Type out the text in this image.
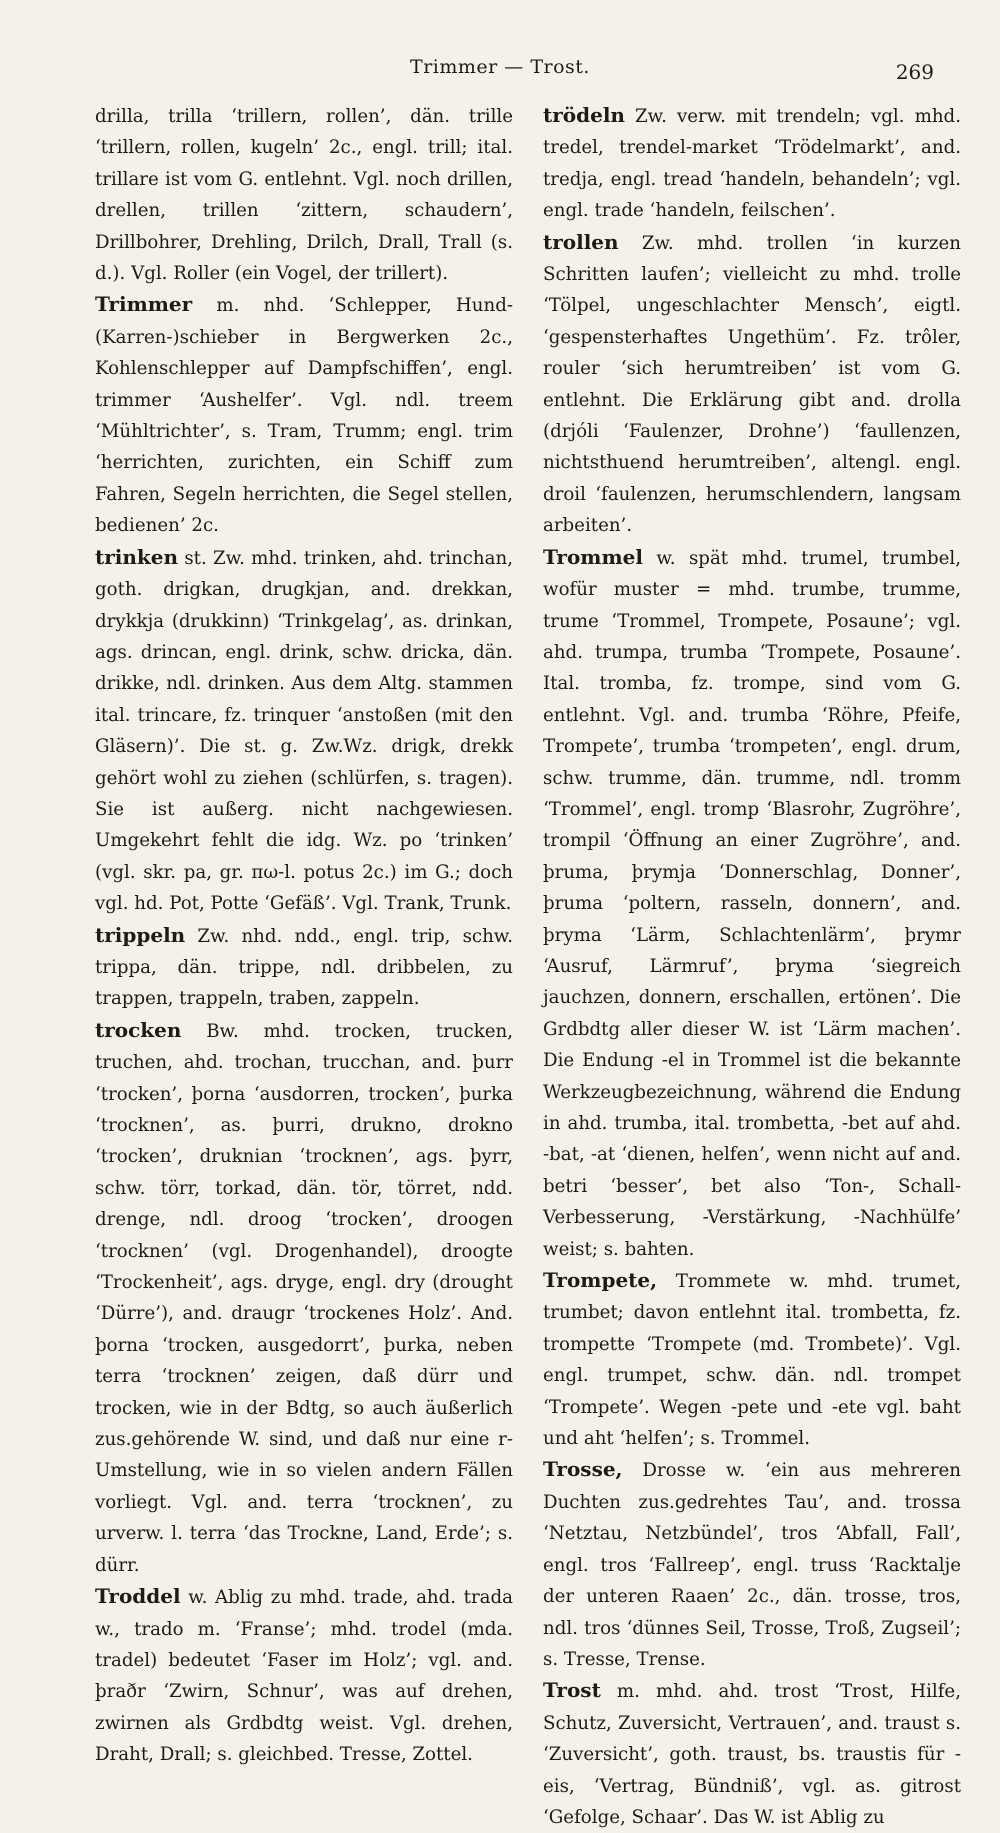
Trimmer — Trost.	269

drilla, trilla ‘trillern, rollen’, dän. trille ‘trillern, rollen, kugeln’ 2c., engl. trill; ital. trillare ist vom G. entlehnt. Vgl. noch drillen, drellen, trillen ‘zittern, schaudern’, Drillbohrer, Drehling, Drilch, Drall, Trall (s. d.). Vgl. Roller (ein Vogel, der trillert).

Trimmer m. nhd. ‘Schlepper, Hund-(Karren-)schieber in Bergwerken 2c., Kohlenschlepper auf Dampfschiffen’, engl. trimmer ‘Aushelfer’. Vgl. ndl. treem ‘Mühltrichter’, s. Tram, Trumm; engl. trim ‘herrichten, zurichten, ein Schiff zum Fahren, Segeln herrichten, die Segel stellen, bedienen’ 2c.

trinken st. Zw. mhd. trinken, ahd. trinchan, goth. drigkan, drugkjan, and. drekkan, drykkja (drukkinn) ‘Trinkgelag’, as. drinkan, ags. drincan, engl. drink, schw. dricka, dän. drikke, ndl. drinken. Aus dem Altg. stammen ital. trincare, fz. trinquer ‘anstoßen (mit den Gläsern)’. Die st. g. Zw.Wz. drigk, drekk gehört wohl zu ziehen (schlürfen, s. tragen). Sie ist außerg. nicht nachgewiesen. Umgekehrt fehlt die idg. Wz. po ‘trinken’ (vgl. skr. pa, gr. πω-l. potus 2c.) im G.; doch vgl. hd. Pot, Potte ‘Gefäß’. Vgl. Trank, Trunk.

trippeln Zw. nhd. ndd., engl. trip, schw. trippa, dän. trippe, ndl. dribbelen, zu trappen, trappeln, traben, zappeln.

trocken Bw. mhd. trocken, trucken, truchen, ahd. trochan, trucchan, and. þurr ‘trocken’, þorna ‘ausdorren, trocken’, þurka ‘trocknen’, as. þurri, drukno, drokno ‘trocken’, druknian ‘trocknen’, ags. þyrr, schw. törr, torkad, dän. tör, törret, ndd. drenge, ndl. droog ‘trocken’, droogen ‘trocknen’ (vgl. Drogenhandel), droogte ‘Trockenheit’, ags. dryge, engl. dry (drought ‘Dürre’), and. draugr ‘trockenes Holz’. And. þorna ‘trocken, ausgedorrt’, þurka, neben terra ‘trocknen’ zeigen, daß dürr und trocken, wie in der Bdtg, so auch äußerlich zus.gehörende W. sind, und daß nur eine r-Umstellung, wie in so vielen andern Fällen vorliegt. Vgl. and. terra ‘trocknen’, zu urverw. l. terra ‘das Trockne, Land, Erde’; s. dürr.

Troddel w. Ablig zu mhd. trade, ahd. trada w., trado m. ‘Franse’; mhd. trodel (mda. tradel) bedeutet ‘Faser im Holz’; vgl. and. þraðr ‘Zwirn, Schnur’, was auf drehen, zwirnen als Grdbdtg weist. Vgl. drehen, Draht, Drall; s. gleichbed. Tresse, Zottel.

trödeln Zw. verw. mit trendeln; vgl. mhd. tredel, trendel-market ‘Trödelmarkt’, and. tredja, engl. tread ‘handeln, behandeln’; vgl. engl. trade ‘handeln, feilschen’.

trollen Zw. mhd. trollen ‘in kurzen Schritten laufen’; vielleicht zu mhd. trolle ‘Tölpel, ungeschlachter Mensch’, eigtl. ‘gespensterhaftes Ungethüm’. Fz. trôler, rouler ‘sich herumtreiben’ ist vom G. entlehnt. Die Erklärung gibt and. drolla (drjóli ‘Faulenzer, Drohne’) ‘faullenzen, nichtsthuend herumtreiben’, altengl. engl. droil ‘faulenzen, herumschlendern, langsam arbeiten’.

Trommel w. spät mhd. trumel, trumbel, wofür muster = mhd. trumbe, trumme, trume ‘Trommel, Trompete, Posaune’; vgl. ahd. trumpa, trumba ‘Trompete, Posaune’. Ital. tromba, fz. trompe, sind vom G. entlehnt. Vgl. and. trumba ‘Röhre, Pfeife, Trompete’, trumba ‘trompeten’, engl. drum, schw. trumme, dän. trumme, ndl. tromm ‘Trommel’, engl. tromp ‘Blasrohr, Zugröhre’, trompil ‘Öffnung an einer Zugröhre’, and. þruma, þrymja ‘Donnerschlag, Donner’, þruma ‘poltern, rasseln, donnern’, and. þryma ‘Lärm, Schlachtenlärm’, þrymr ‘Ausruf, Lärmruf’, þryma ‘siegreich jauchzen, donnern, erschallen, ertönen’. Die Grdbdtg aller dieser W. ist ‘Lärm machen’. Die Endung -el in Trommel ist die bekannte Werkzeugbezeichnung, während die Endung in ahd. trumba, ital. trombetta, -bet auf ahd. -bat, -at ‘dienen, helfen’, wenn nicht auf and. betri ‘besser’, bet also ‘Ton-, Schall-Verbesserung, -Verstärkung, -Nachhülfe’ weist; s. bahten.

Trompete, Trommete w. mhd. trumet, trumbet; davon entlehnt ital. trombetta, fz. trompette ‘Trompete (md. Trombete)’. Vgl. engl. trumpet, schw. dän. ndl. trompet ‘Trompete’. Wegen -pete und -ete vgl. baht und aht ‘helfen’; s. Trommel.

Trosse, Drosse w. ‘ein aus mehreren Duchten zus.gedrehtes Tau’, and. trossa ‘Netztau, Netzbündel’, tros ‘Abfall, Fall’, engl. tros ‘Fallreep’, engl. truss ‘Racktalje der unteren Raaen’ 2c., dän. trosse, tros, ndl. tros ‘dünnes Seil, Trosse, Troß, Zugseil’; s. Tresse, Trense.

Trost m. mhd. ahd. trost ‘Trost, Hilfe, Schutz, Zuversicht, Vertrauen’, and. traust s. ‘Zuversicht’, goth. traust, bs. traustis für -eis, ‘Vertrag, Bündniß’, vgl. as. gitrost ‘Gefolge, Schaar’. Das W. ist Ablig zu
